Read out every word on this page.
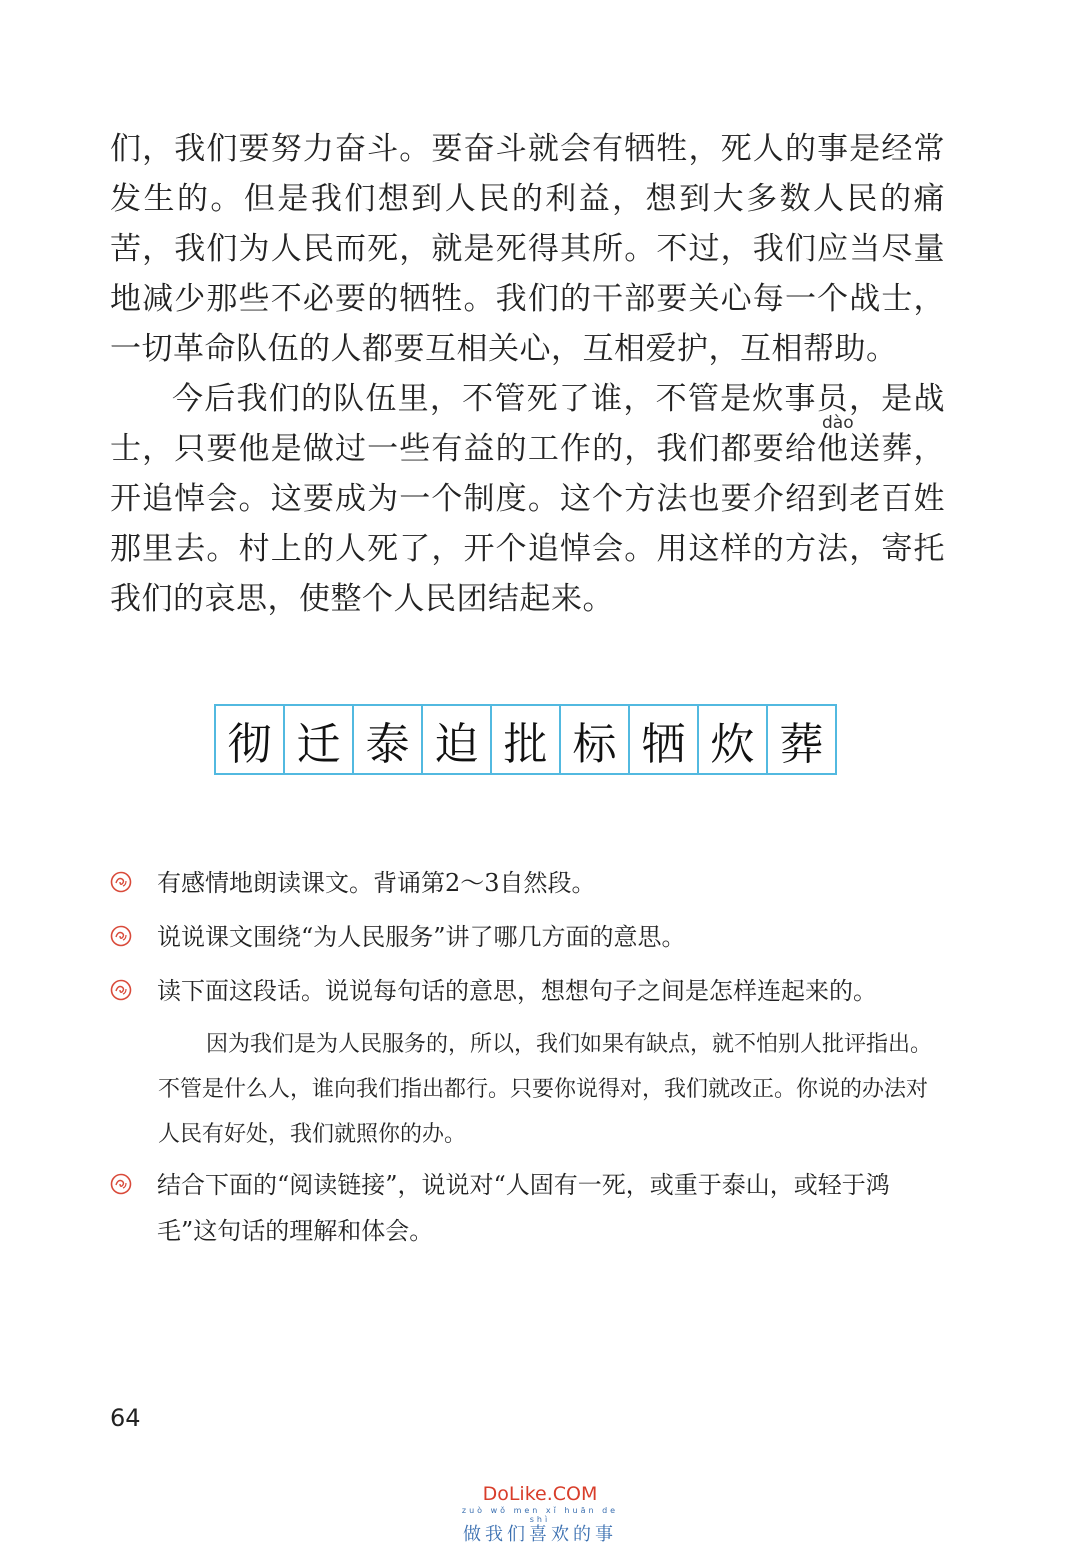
们，我们要努力奋斗。要奋斗就会有牺牲，死人的事是经常发生的。但是我们想到人民的利益，想到大多数人民的痛苦，我们为人民而死，就是死得其所。不过，我们应当尽量地减少那些不必要的牺牲。我们的干部要关心每一个战士，一切革命队伍的人都要互相关心，互相爱护，互相帮助。

dào

今后我们的队伍里，不管死了谁，不管是炊事员，是战士，只要他是做过一些有益的工作的，我们都要给他送葬，开追悼会。这要成为一个制度。这个方法也要介绍到老百姓那里去。村上的人死了，开个追悼会。用这样的方法，寄托我们的哀思，使整个人民团结起来。

彻 迁 泰 迫 批 标 牺 炊 葬
有感情地朗读课文。背诵第2～3自然段。
说说课文围绕“为人民服务”讲了哪几方面的意思。
读下面这段话。说说每句话的意思，想想句子之间是怎样连起来的。

因为我们是为人民服务的，所以，我们如果有缺点，就不怕别人批评指出。不管是什么人，谁向我们指出都行。只要你说得对，我们就改正。你说的办法对人民有好处，我们就照你的办。

结合下面的“阅读链接”，说说对“人固有一死，或重于泰山，或轻于鸿毛”这句话的理解和体会。
64
DoLike.COM
zuò wǒ men xǐ huān de shì
做我们喜欢的事
